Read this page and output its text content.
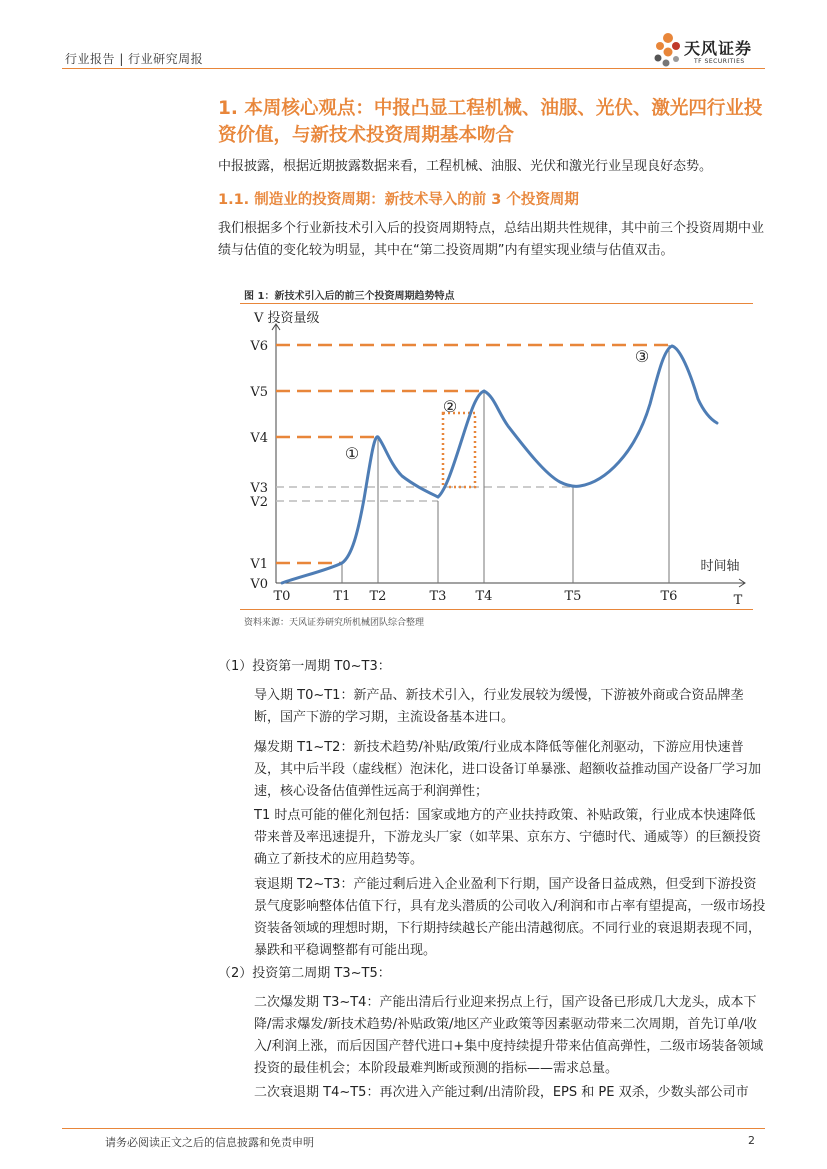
行业报告 | 行业研究周报
天风证券
TF SECURITIES
1. 本周核心观点：中报凸显工程机械、油服、光伏、激光四行业投资价值，与新技术投资周期基本吻合

中报披露，根据近期披露数据来看，工程机械、油服、光伏和激光行业呈现良好态势。

1.1. 制造业的投资周期：新技术导入的前 3 个投资周期

我们根据多个行业新技术引入后的投资周期特点，总结出期共性规律，其中前三个投资周期中业绩与估值的变化较为明显，其中在“第二投资周期”内有望实现业绩与估值双击。

图 1：新技术引入后的前三个投资周期趋势特点
V 投资量级
T
时间轴
T0	T1 T2	T3 T4	T5	T6
V0
V1
V2
V3
V4
V5
V6
①
②
③
资料来源：天风证券研究所机械团队综合整理

（1）投资第一周期 T0~T3：

导入期 T0~T1：新产品、新技术引入，行业发展较为缓慢，下游被外商或合资品牌垄断，国产下游的学习期，主流设备基本进口。

爆发期 T1~T2：新技术趋势/补贴/政策/行业成本降低等催化剂驱动，下游应用快速普及，其中后半段（虚线框）泡沫化，进口设备订单暴涨、超额收益推动国产设备厂学习加速，核心设备估值弹性远高于利润弹性；

T1 时点可能的催化剂包括：国家或地方的产业扶持政策、补贴政策，行业成本快速降低带来普及率迅速提升，下游龙头厂家（如苹果、京东方、宁德时代、通威等）的巨额投资确立了新技术的应用趋势等。

衰退期 T2~T3：产能过剩后进入企业盈利下行期，国产设备日益成熟，但受到下游投资景气度影响整体估值下行，具有龙头潜质的公司收入/利润和市占率有望提高，一级市场投资装备领域的理想时期，下行期持续越长产能出清越彻底。不同行业的衰退期表现不同，暴跌和平稳调整都有可能出现。

（2）投资第二周期 T3~T5：

二次爆发期 T3~T4：产能出清后行业迎来拐点上行，国产设备已形成几大龙头，成本下降/需求爆发/新技术趋势/补贴政策/地区产业政策等因素驱动带来二次周期，首先订单/收入/利润上涨，而后因国产替代进口+集中度持续提升带来估值高弹性，二级市场装备领域投资的最佳机会；本阶段最难判断或预测的指标——需求总量。

二次衰退期 T4~T5：再次进入产能过剩/出清阶段，EPS 和 PE 双杀，少数头部公司市

请务必阅读正文之后的信息披露和免责申明	2
